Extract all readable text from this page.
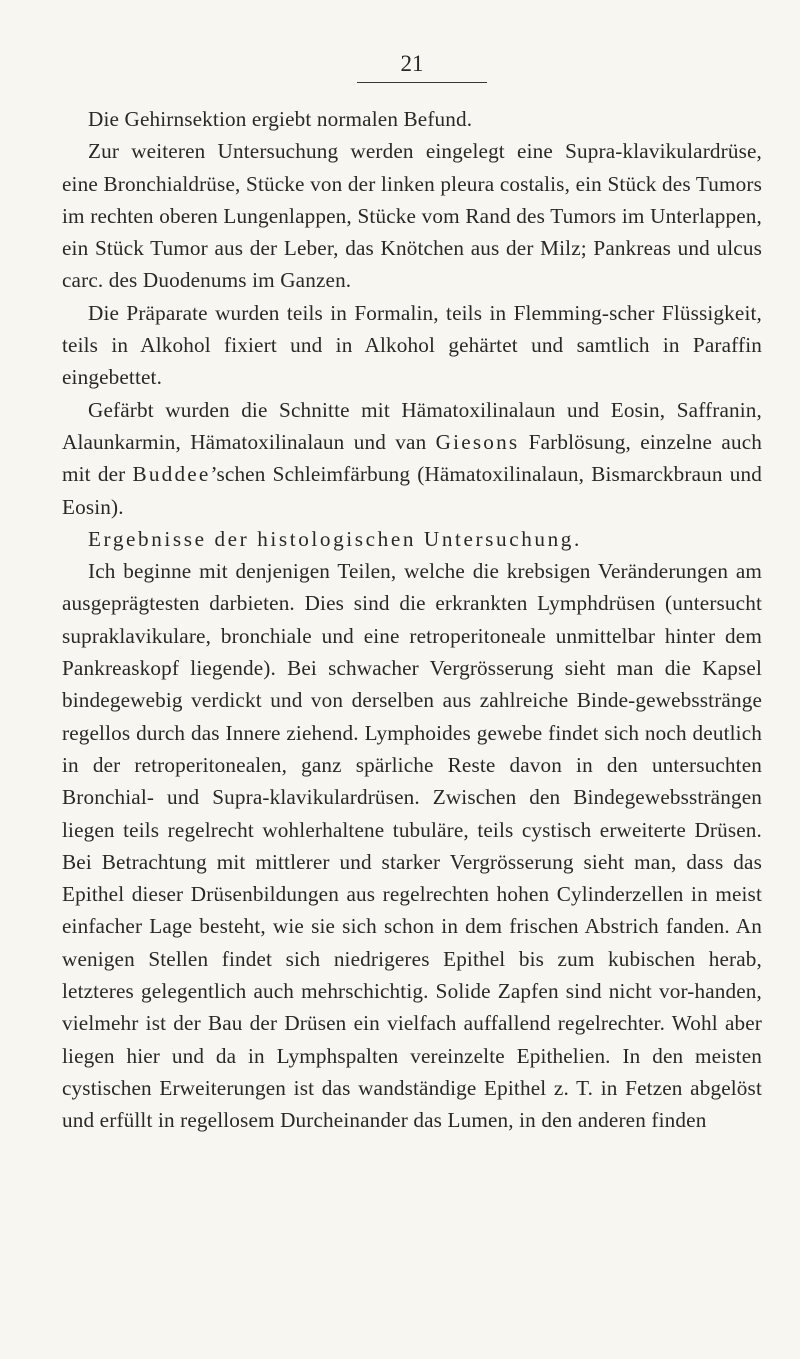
21

Die Gehirnsektion ergiebt normalen Befund.

Zur weiteren Untersuchung werden eingelegt eine Supra-klavikulardrüse, eine Bronchialdrüse, Stücke von der linken pleura costalis, ein Stück des Tumors im rechten oberen Lungenlappen, Stücke vom Rand des Tumors im Unterlappen, ein Stück Tumor aus der Leber, das Knötchen aus der Milz; Pankreas und ulcus carc. des Duodenums im Ganzen.

Die Präparate wurden teils in Formalin, teils in Flemming-scher Flüssigkeit, teils in Alkohol fixiert und in Alkohol gehärtet und samtlich in Paraffin eingebettet.

Gefärbt wurden die Schnitte mit Hämatoxilinalaun und Eosin, Saffranin, Alaunkarmin, Hämatoxilinalaun und van Giesons Farblösung, einzelne auch mit der Buddee’schen Schleimfärbung (Hämatoxilinalaun, Bismarckbraun und Eosin).

Ergebnisse der histologischen Untersuchung.

Ich beginne mit denjenigen Teilen, welche die krebsigen Veränderungen am ausgeprägtesten darbieten. Dies sind die erkrankten Lymphdrüsen (untersucht supraklavikulare, bronchiale und eine retroperitoneale unmittelbar hinter dem Pankreaskopf liegende). Bei schwacher Vergrösserung sieht man die Kapsel bindegewebig verdickt und von derselben aus zahlreiche Binde-gewebsstränge regellos durch das Innere ziehend. Lymphoides gewebe findet sich noch deutlich in der retroperitonealen, ganz spärliche Reste davon in den untersuchten Bronchial- und Supra-klavikulardrüsen. Zwischen den Bindegewebssträngen liegen teils regelrecht wohlerhaltene tubuläre, teils cystisch erweiterte Drüsen. Bei Betrachtung mit mittlerer und starker Vergrösserung sieht man, dass das Epithel dieser Drüsenbildungen aus regelrechten hohen Cylinderzellen in meist einfacher Lage besteht, wie sie sich schon in dem frischen Abstrich fanden. An wenigen Stellen findet sich niedrigeres Epithel bis zum kubischen herab, letzteres gelegentlich auch mehrschichtig. Solide Zapfen sind nicht vor-handen, vielmehr ist der Bau der Drüsen ein vielfach auffallend regelrechter. Wohl aber liegen hier und da in Lymphspalten vereinzelte Epithelien. In den meisten cystischen Erweiterungen ist das wandständige Epithel z. T. in Fetzen abgelöst und erfüllt in regellosem Durcheinander das Lumen, in den anderen finden
